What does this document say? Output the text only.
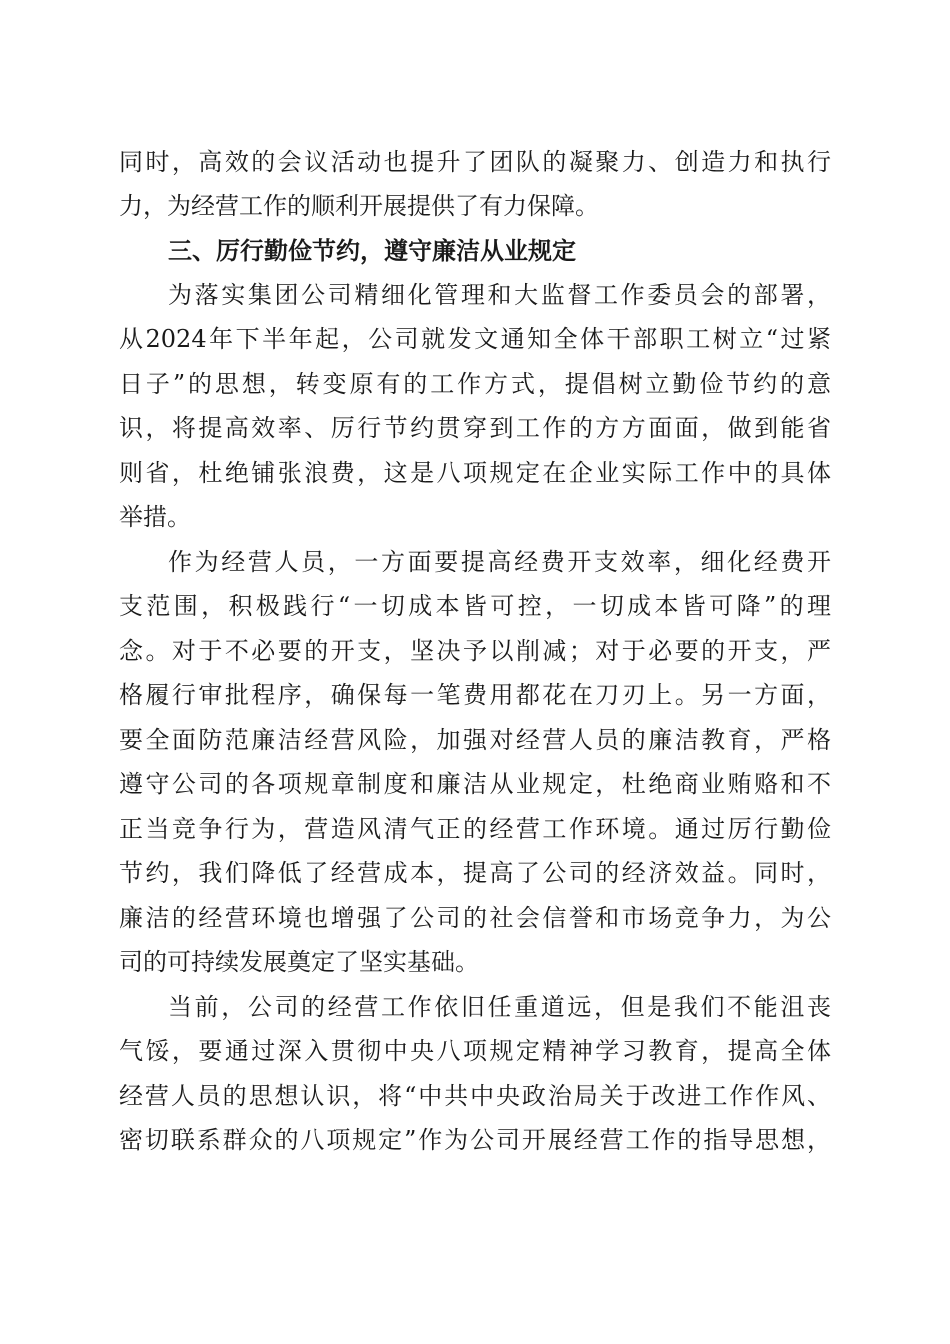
同时，高效的会议活动也提升了团队的凝聚力、创造力和执行
力，为经营工作的顺利开展提供了有力保障。
三、厉行勤俭节约，遵守廉洁从业规定
为落实集团公司精细化管理和大监督工作委员会的部署，
从2024年下半年起，公司就发文通知全体干部职工树立“过紧
日子”的思想，转变原有的工作方式，提倡树立勤俭节约的意
识，将提高效率、厉行节约贯穿到工作的方方面面，做到能省
则省，杜绝铺张浪费，这是八项规定在企业实际工作中的具体
举措。
作为经营人员，一方面要提高经费开支效率，细化经费开
支范围，积极践行“一切成本皆可控，一切成本皆可降”的理
念。对于不必要的开支，坚决予以削减；对于必要的开支，严
格履行审批程序，确保每一笔费用都花在刀刃上。另一方面，
要全面防范廉洁经营风险，加强对经营人员的廉洁教育，严格
遵守公司的各项规章制度和廉洁从业规定，杜绝商业贿赂和不
正当竞争行为，营造风清气正的经营工作环境。通过厉行勤俭
节约，我们降低了经营成本，提高了公司的经济效益。同时，
廉洁的经营环境也增强了公司的社会信誉和市场竞争力，为公
司的可持续发展奠定了坚实基础。
当前，公司的经营工作依旧任重道远，但是我们不能沮丧
气馁，要通过深入贯彻中央八项规定精神学习教育，提高全体
经营人员的思想认识，将“中共中央政治局关于改进工作作风、
密切联系群众的八项规定”作为公司开展经营工作的指导思想，
